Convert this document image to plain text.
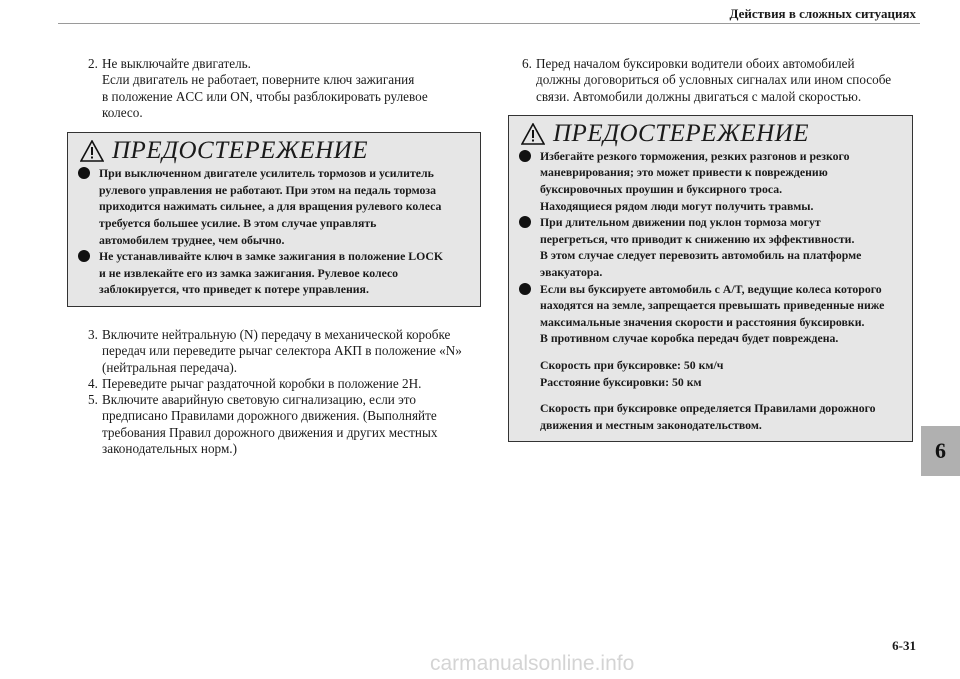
Действия в сложных ситуациях
2. Не выключайте двигатель.
Если двигатель не работает, поверните ключ зажигания
в положение ACC или ON, чтобы разблокировать рулевое
колесо.
ПРЕДОСТЕРЕЖЕНИЕ
При выключенном двигателе усилитель тормозов и усилитель
рулевого управления не работают. При этом на педаль тормоза
приходится нажимать сильнее, а для вращения рулевого колеса
требуется большее усилие. В этом случае управлять
автомобилем труднее, чем обычно.
Не устанавливайте ключ в замке зажигания в положение LOCK
и не извлекайте его из замка зажигания. Рулевое колесо
заблокируется, что приведет к потере управления.
3. Включите нейтральную (N) передачу в механической коробке
передач или переведите рычаг селектора АКП в положение «N»
(нейтральная передача).
4. Переведите рычаг раздаточной коробки в положение 2H.
5. Включите аварийную световую сигнализацию, если это
предписано Правилами дорожного движения. (Выполняйте
требования Правил дорожного движения и других местных
законодательных норм.)
6. Перед началом буксировки водители обоих автомобилей
должны договориться об условных сигналах или ином способе
связи. Автомобили должны двигаться с малой скоростью.
ПРЕДОСТЕРЕЖЕНИЕ
Избегайте резкого торможения, резких разгонов и резкого
маневрирования; это может привести к повреждению
буксировочных проушин и буксирного троса.
Находящиеся рядом люди могут получить травмы.
При длительном движении под уклон тормоза могут
перегреться, что приводит к снижению их эффективности.
В этом случае следует перевозить автомобиль на платформе
эвакуатора.
Если вы буксируете автомобиль с A/T, ведущие колеса которого
находятся на земле, запрещается превышать приведенные ниже
максимальные значения скорости и расстояния буксировки.
В противном случае коробка передач будет повреждена.
Скорость при буксировке: 50 км/ч
Расстояние буксировки: 50 км
Скорость при буксировке определяется Правилами дорожного
движения и местным законодательством.
6
6-31
carmanualsonline.info
